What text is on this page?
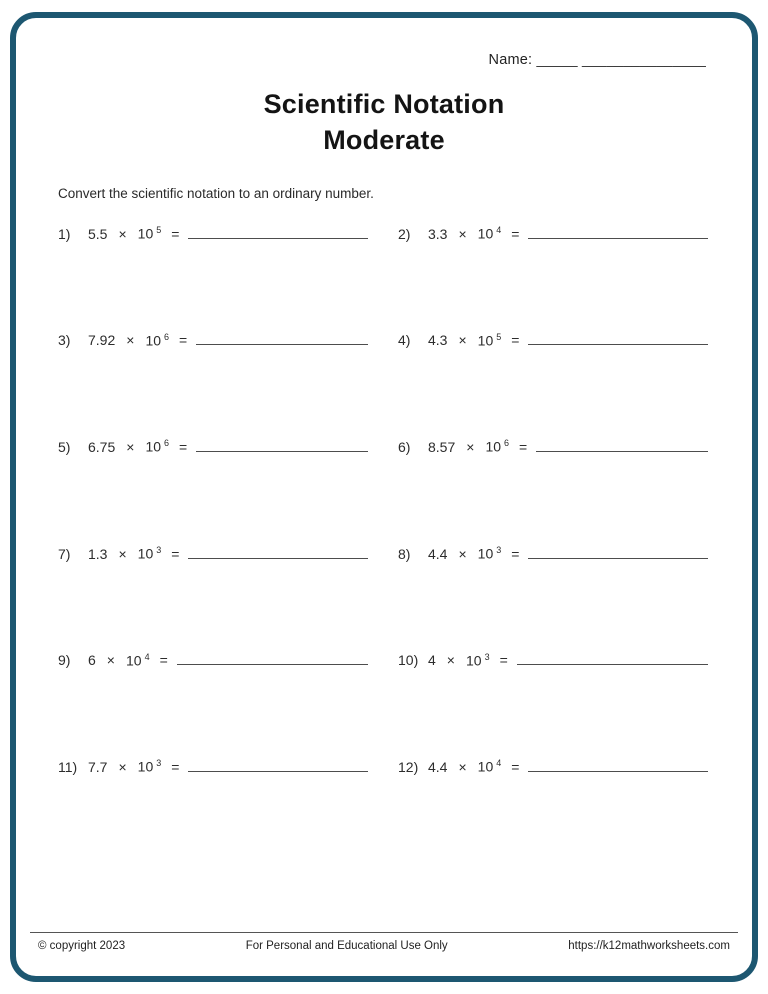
Name: _____ _______________
Scientific Notation
Moderate

Convert the scientific notation to an ordinary number.

1)	5.5 × 10 $^5$ =	2)	3.3 × 10 $^4$ =
3)	7.92 × 10 $^6$ =	4)	4.3 × 10 $^5$ =
5)	6.75 × 10 $^6$ =	6)	8.57 × 10 $^6$ =
7)	1.3 × 10 $^3$ =	8)	4.4 × 10 $^3$ =
9)	6 × 10 $^4$ =	10) 4 × 10 $^3$ =
11) 7.7 × 10 $^3$ =	12) 4.4 × 10 $^4$ =
© copyright 2023	For Personal and Educational Use Only	https://k12mathworksheets.com
